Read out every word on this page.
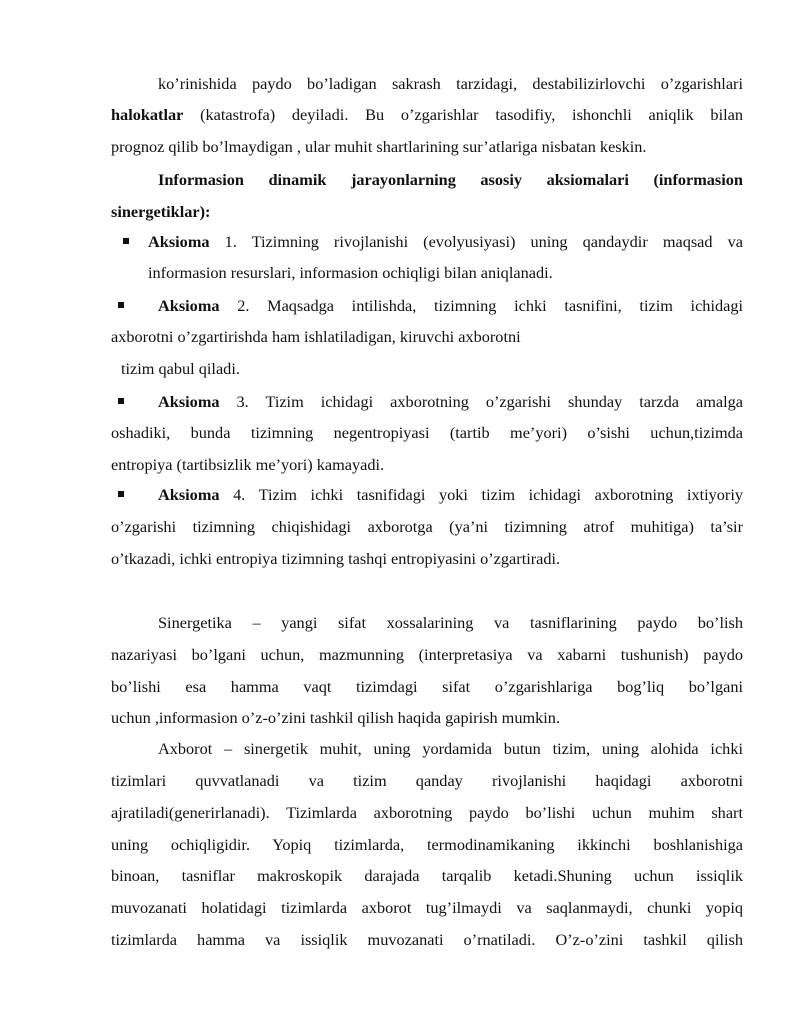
ko’rinishida paydo bo’ladigan sakrash tarzidagi, destabilizirlovchi o’zgarishlari
halokatlar (katastrofa) deyiladi. Bu o’zgarishlar tasodifiy, ishonchli aniqlik bilan
prognoz qilib bo’lmaydigan , ular muhit shartlarining sur’atlariga nisbatan keskin.
Informasion dinamik jarayonlarning asosiy aksiomalari (informasion
sinergetiklar):
Aksioma 1. Tizimning rivojlanishi (evolyusiyasi) uning qandaydir maqsad va
informasion resurslari, informasion ochiqligi bilan aniqlanadi.
Aksioma 2. Maqsadga intilishda, tizimning ichki tasnifini, tizim ichidagi
axborotni o’zgartirishda ham ishlatiladigan, kiruvchi axborotni
tizim qabul qiladi.
Aksioma 3. Tizim ichidagi axborotning o’zgarishi shunday tarzda amalga
oshadiki, bunda tizimning negentropiyasi (tartib me’yori) o’sishi uchun,tizimda
entropiya (tartibsizlik me’yori) kamayadi.
Aksioma 4. Tizim ichki tasnifidagi yoki tizim ichidagi axborotning ixtiyoriy
o’zgarishi tizimning chiqishidagi axborotga (ya’ni tizimning atrof muhitiga) ta’sir
o’tkazadi, ichki entropiya tizimning tashqi entropiyasini o’zgartiradi.
Sinergetika – yangi sifat xossalarining va tasniflarining paydo bo’lish
nazariyasi bo’lgani uchun, mazmunning (interpretasiya va xabarni tushunish) paydo
bo’lishi esa hamma vaqt tizimdagi sifat o’zgarishlariga bog’liq bo’lgani
uchun ,informasion o’z-o’zini tashkil qilish haqida gapirish mumkin.
Axborot – sinergetik muhit, uning yordamida butun tizim, uning alohida ichki
tizimlari quvvatlanadi va tizim qanday rivojlanishi haqidagi axborotni
ajratiladi(generirlanadi). Tizimlarda axborotning paydo bo’lishi uchun muhim shart
uning ochiqligidir. Yopiq tizimlarda, termodinamikaning ikkinchi boshlanishiga
binoan, tasniflar makroskopik darajada tarqalib ketadi.Shuning uchun issiqlik
muvozanati holatidagi tizimlarda axborot tug’ilmaydi va saqlanmaydi, chunki yopiq
tizimlarda hamma va issiqlik muvozanati o’rnatiladi. O’z-o’zini tashkil qilish
